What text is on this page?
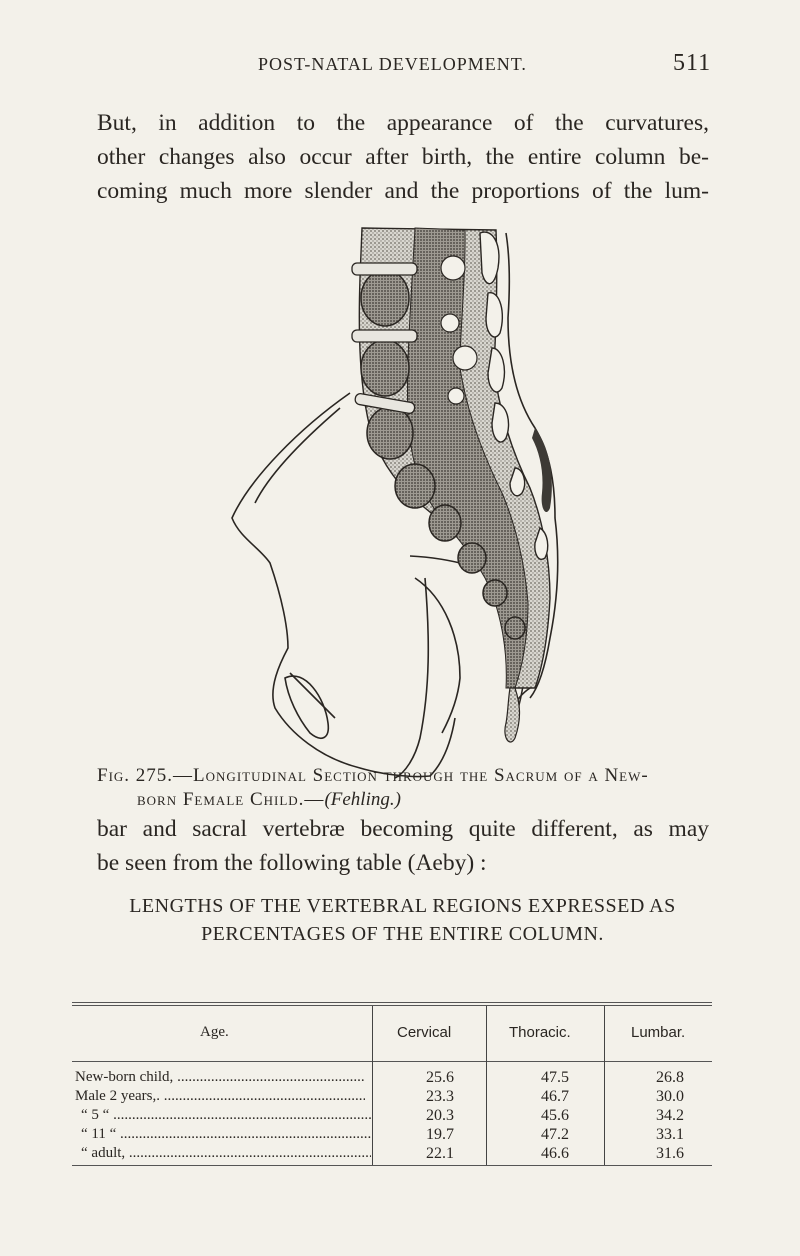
POST-NATAL DEVELOPMENT.	511
But, in addition to the appearance of the curvatures,
other changes also occur after birth, the entire column be-
coming much more slender and the proportions of the lum-
Fig. 275.—Longitudinal Section through the Sacrum of a New-
born Female Child.—(Fehling.)
bar and sacral vertebræ becoming quite different, as may
be seen from the following table (Aeby) :
LENGTHS OF THE VERTEBRAL REGIONS EXPRESSED AS
PERCENTAGES OF THE ENTIRE COLUMN.
Age.	Cervical	Thoracic.	Lumbar.
New-born child, .....	25.6	47.5	26.8
Male 2 years,. .....	23.3	46.7	30.0
“ 5 “ .....	20.3	45.6	34.2
“ 11 “ .....	19.7	47.2	33.1
“ adult, .....	22.1	46.6	31.6
